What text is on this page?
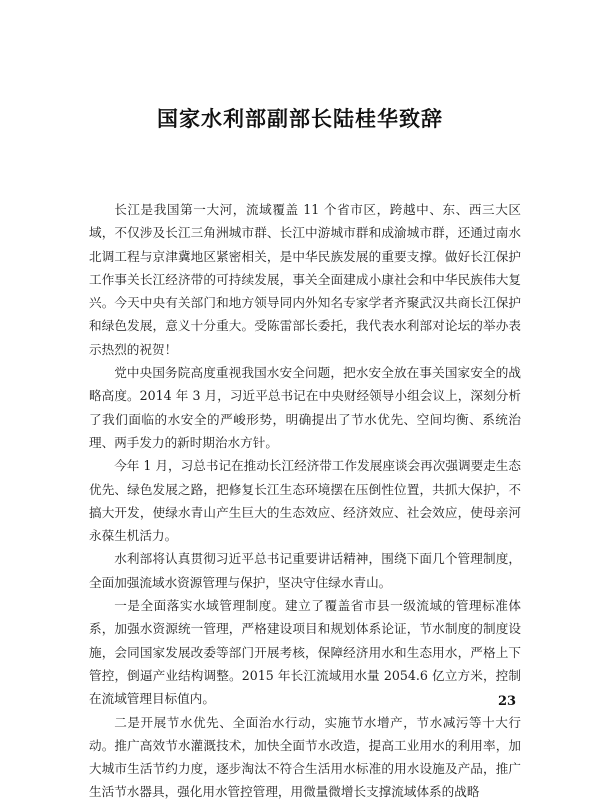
国家水利部副部长陆桂华致辞

长江是我国第一大河，流域覆盖 11 个省市区，跨越中、东、西三大区域，不仅涉及长江三角洲城市群、长江中游城市群和成渝城市群，还通过南水北调工程与京津冀地区紧密相关，是中华民族发展的重要支撑。做好长江保护工作事关长江经济带的可持续发展，事关全面建成小康社会和中华民族伟大复兴。今天中央有关部门和地方领导同内外知名专家学者齐聚武汉共商长江保护和绿色发展，意义十分重大。受陈雷部长委托，我代表水利部对论坛的举办表示热烈的祝贺！

党中央国务院高度重视我国水安全问题，把水安全放在事关国家安全的战略高度。2014 年 3 月，习近平总书记在中央财经领导小组会议上，深刻分析了我们面临的水安全的严峻形势，明确提出了节水优先、空间均衡、系统治理、两手发力的新时期治水方针。

今年 1 月，习总书记在推动长江经济带工作发展座谈会再次强调要走生态优先、绿色发展之路，把修复长江生态环境摆在压倒性位置，共抓大保护，不搞大开发，使绿水青山产生巨大的生态效应、经济效应、社会效应，使母亲河永葆生机活力。

水利部将认真贯彻习近平总书记重要讲话精神，围绕下面几个管理制度，全面加强流域水资源管理与保护，坚决守住绿水青山。

一是全面落实水域管理制度。建立了覆盖省市县一级流域的管理标准体系，加强水资源统一管理，严格建设项目和规划体系论证，节水制度的制度设施，会同国家发展改委等部门开展考核，保障经济用水和生态用水，严格上下管控，倒逼产业结构调整。2015 年长江流域用水量 2054.6 亿立方米，控制在流域管理目标值内。

二是开展节水优先、全面治水行动，实施节水增产，节水减污等十大行动。推广高效节水灌溉技术，加快全面节水改造，提高工业用水的利用率，加大城市生活节约力度，逐步淘汰不符合生活用水标准的用水设施及产品，推广生活节水器具，强化用水管控管理，用微量微增长支撑流域体系的战略

23
